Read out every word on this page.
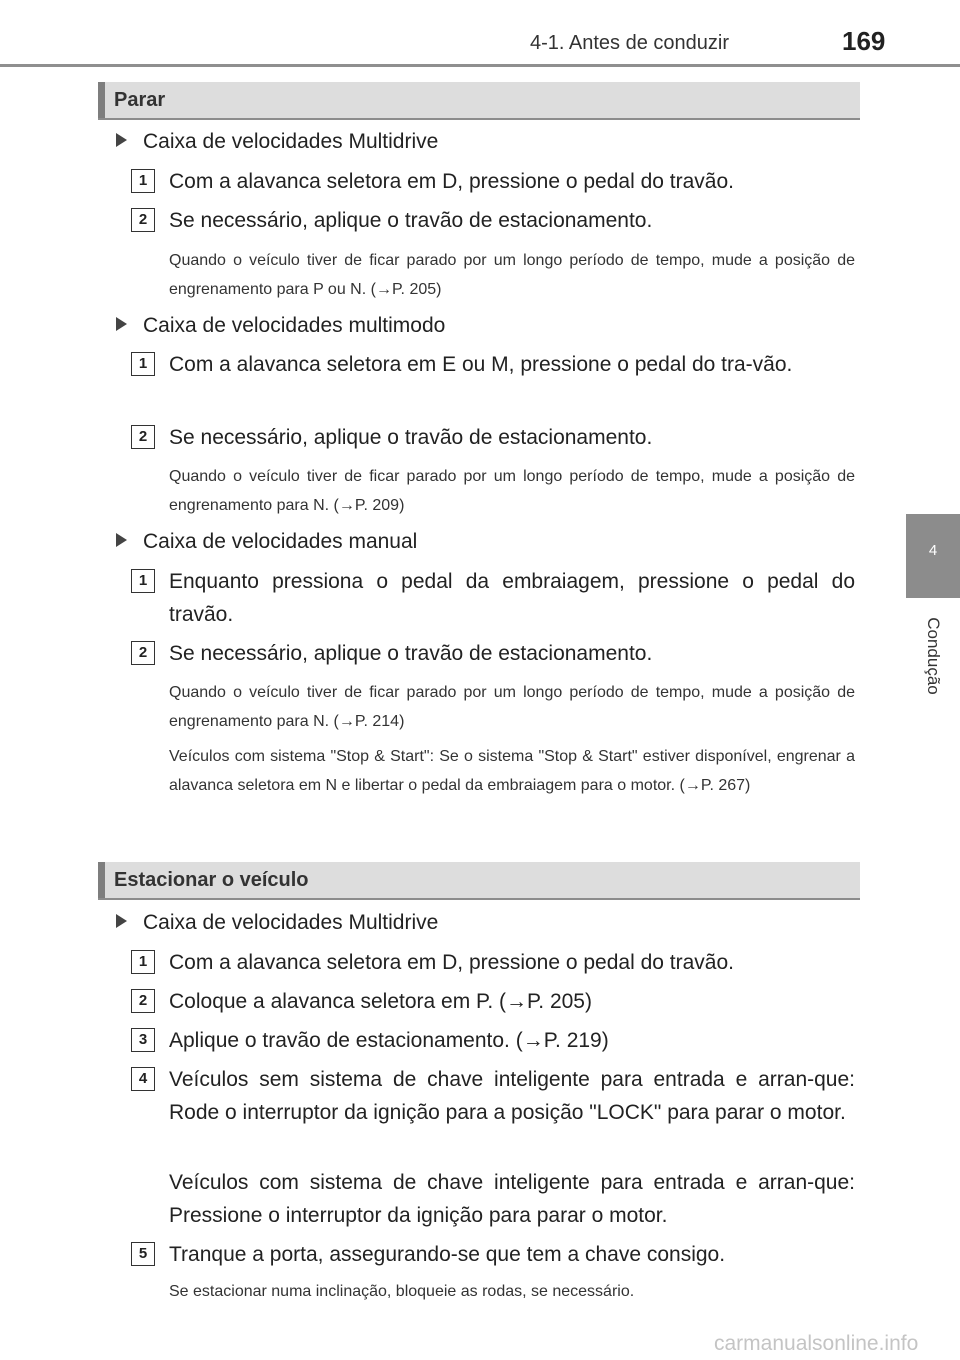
4-1. Antes de conduzir	169
4
Condução
Parar
Caixa de velocidades Multidrive
1	Com a alavanca seletora em D, pressione o pedal do travão.
2	Se necessário, aplique o travão de estacionamento.
Quando o veículo tiver de ficar parado por um longo período de tempo, mude a posição de engrenamento para P ou N. (→P. 205)
Caixa de velocidades multimodo
1	Com a alavanca seletora em E ou M, pressione o pedal do tra-vão.
2	Se necessário, aplique o travão de estacionamento.
Quando o veículo tiver de ficar parado por um longo período de tempo, mude a posição de engrenamento para N. (→P. 209)
Caixa de velocidades manual
1	Enquanto pressiona o pedal da embraiagem, pressione o pedal do travão.
2	Se necessário, aplique o travão de estacionamento.
Quando o veículo tiver de ficar parado por um longo período de tempo, mude a posição de engrenamento para N. (→P. 214)
Veículos com sistema "Stop & Start": Se o sistema "Stop & Start" estiver disponível, engrenar a alavanca seletora em N e libertar o pedal da embraiagem para o motor. (→P. 267)
Estacionar o veículo
Caixa de velocidades Multidrive
1	Com a alavanca seletora em D, pressione o pedal do travão.
2	Coloque a alavanca seletora em P. (→P. 205)
3	Aplique o travão de estacionamento. (→P. 219)
4	Veículos sem sistema de chave inteligente para entrada e arran-que: Rode o interruptor da ignição para a posição "LOCK" para parar o motor.
Veículos com sistema de chave inteligente para entrada e arran-que: Pressione o interruptor da ignição para parar o motor.
5	Tranque a porta, assegurando-se que tem a chave consigo.
Se estacionar numa inclinação, bloqueie as rodas, se necessário.
carmanualsonline.info
